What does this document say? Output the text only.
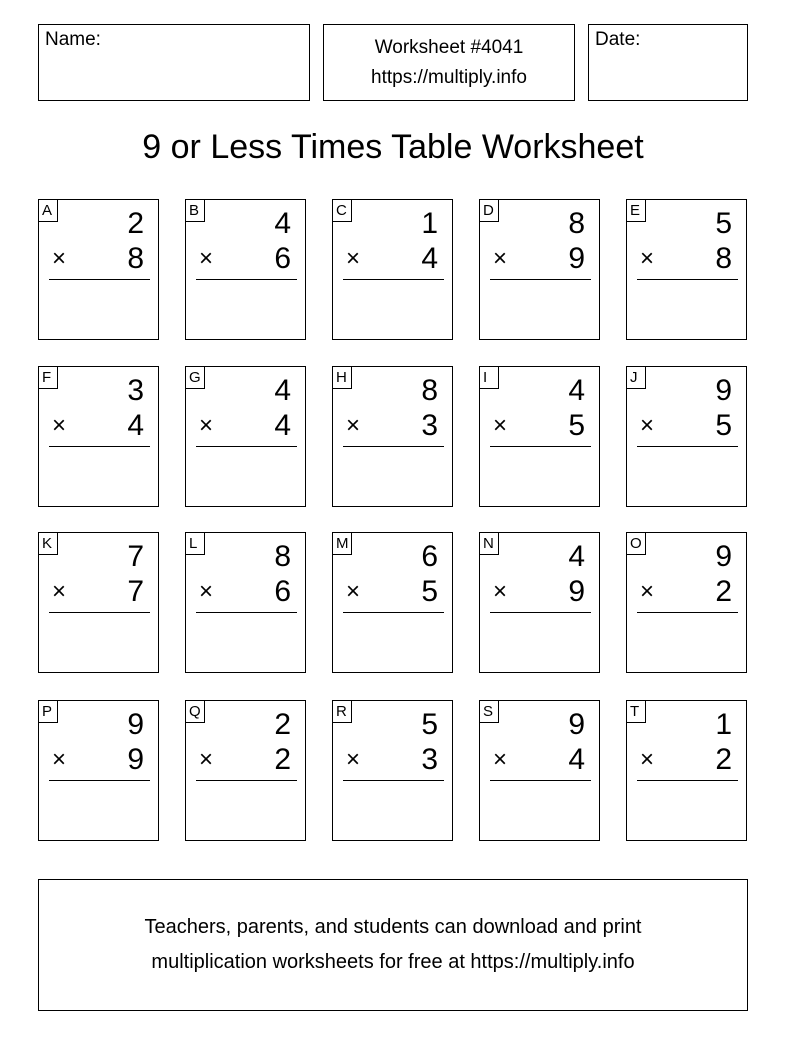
Name:	Worksheet #4041
https://multiply.info
Date:
9 or Less Times Table Worksheet
A	2
× 8
B	4
× 6
C 1
× 4
D 8
× 9
E	5
× 8
F	3
× 4
G 4
× 4
H 8
× 3
I	4
× 5
J	9
× 5
K	7
× 7
L	8
× 6
M 6
× 5
N 4
× 9
O 9
× 2
P	9
× 9
Q 2
× 2
R 5
× 3
S	9
× 4
T	1
× 2
Teachers, parents, and students can download and print
multiplication worksheets for free at https://multiply.info
